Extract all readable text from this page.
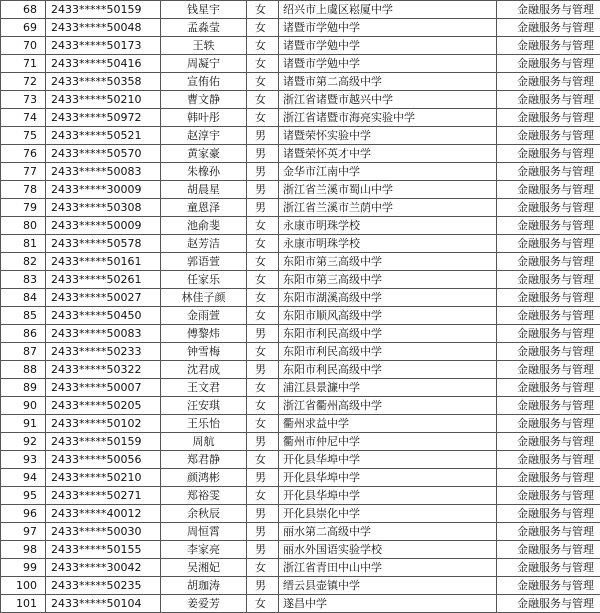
68	2433*****50159	钱星宇	女	绍兴市上虞区崧厦中学	金融服务与管理
69	2433*****50048	孟淼莹	女	诸暨市学勉中学	金融服务与管理
70	2433*****50173	王轶	女	诸暨市学勉中学	金融服务与管理
71	2433*****50416	周凝宁	女	诸暨市学勉中学	金融服务与管理
72	2433*****50358	宣侑佑	女	诸暨市第二高级中学	金融服务与管理
73	2433*****50210	曹文静	女	浙江省诸暨市越兴中学	金融服务与管理
74	2433*****50972	韩叶彤	女	浙江省诸暨市海亮实验中学	金融服务与管理
75	2433*****50521	赵淳宇	男	诸暨荣怀实验中学	金融服务与管理
76	2433*****50570	黄家豪	男	诸暨荣怀英才中学	金融服务与管理
77	2433*****50083	朱橡孙	男	金华市江南中学	金融服务与管理
78	2433*****30009	胡晨星	男	浙江省兰溪市蜀山中学	金融服务与管理
79	2433*****50308	童恩泽	男	浙江省兰溪市兰荫中学	金融服务与管理
80	2433*****50009	池俞斐	女	永康市明珠学校	金融服务与管理
81	2433*****50578	赵芳洁	女	永康市明珠学校	金融服务与管理
82	2433*****50161	郭语萱	女	东阳市第三高级中学	金融服务与管理
83	2433*****50261	任家乐	女	东阳市第三高级中学	金融服务与管理
84	2433*****50027	林佳子颜	女	东阳市湖溪高级中学	金融服务与管理
85	2433*****50450	金雨萱	女	东阳市顺风高级中学	金融服务与管理
86	2433*****50083	傅黎炜	男	东阳市利民高级中学	金融服务与管理
87	2433*****50233	钟雪梅	女	东阳市利民高级中学	金融服务与管理
88	2433*****50322	沈君成	男	东阳市利民高级中学	金融服务与管理
89	2433*****50007	王文君	女	浦江县景濂中学	金融服务与管理
90	2433*****50205	汪安琪	女	浙江省衢州高级中学	金融服务与管理
91	2433*****50102	王乐怡	女	衢州求益中学	金融服务与管理
92	2433*****50159	周航	男	衢州市仲尼中学	金融服务与管理
93	2433*****50056	郑君静	女	开化县华埠中学	金融服务与管理
94	2433*****50210	颜鸿彬	男	开化县华埠中学	金融服务与管理
95	2433*****50271	郑裕雯	女	开化县华埠中学	金融服务与管理
96	2433*****40012	余秋辰	男	开化县崇化中学	金融服务与管理
97	2433*****50030	周恒霄	男	丽水第二高级中学	金融服务与管理
98	2433*****50155	李家亮	男	丽水外国语实验学校	金融服务与管理
99	2433*****30042	吴湘妃	女	浙江省青田中山中学	金融服务与管理
100	2433*****50235	胡珈涛	男	缙云县壶镇中学	金融服务与管理
101	2433*****50104	姜爱芳	女	遂昌中学	金融服务与管理
